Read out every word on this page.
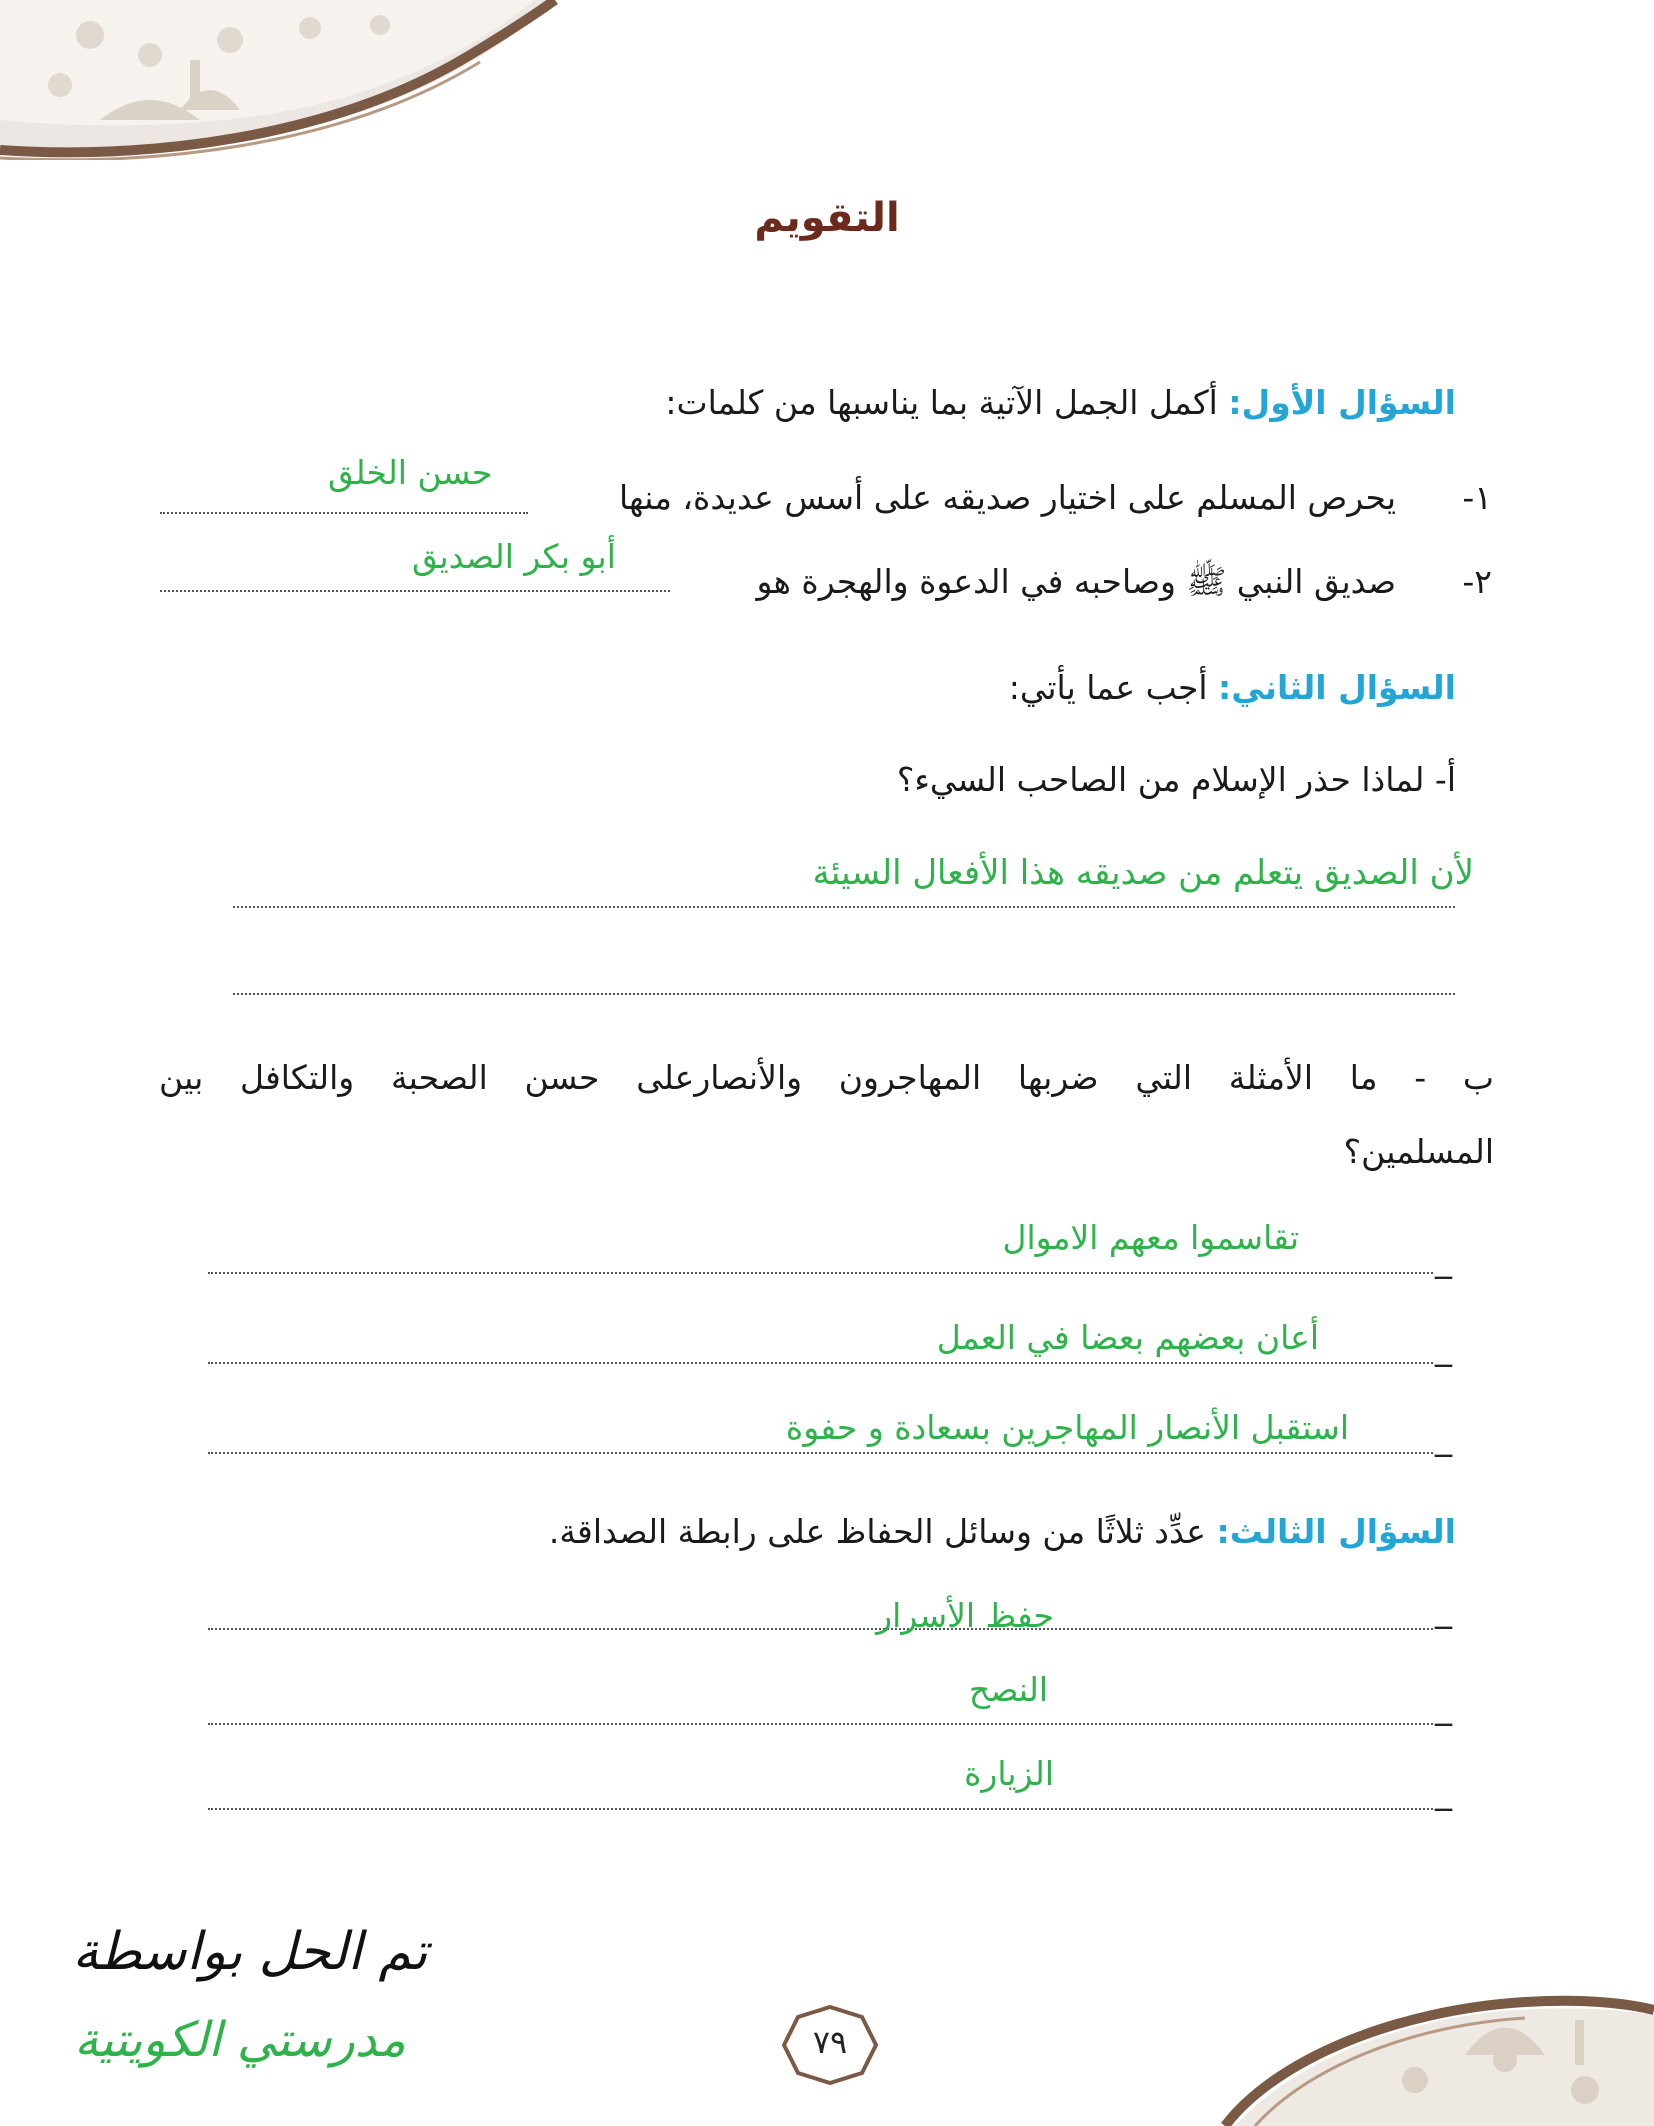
التقويم
السؤال الأول: أكمل الجمل الآتية بما يناسبها من كلمات:
١-
يحرص المسلم على اختيار صديقه على أسس عديدة، منها
حسن الخلق
٢-
صديق النبي ﷺ وصاحبه في الدعوة والهجرة هو
أبو بكر الصديق
السؤال الثاني: أجب عما يأتي:
أ- لماذا حذر الإسلام من الصاحب السيء؟
لأن الصديق يتعلم من صديقه هذا الأفعال السيئة
ب - ما الأمثلة التي ضربها المهاجرون والأنصارعلى حسن الصحبة والتكافل بين
المسلمين؟
_
تقاسموا معهم الاموال
_
أعان بعضهم بعضا في العمل
_
استقبل الأنصار المهاجرين بسعادة و حفوة
السؤال الثالث: عدِّد ثلاثًا من وسائل الحفاظ على رابطة الصداقة.
_
حفظ الأسرار
_
النصح
_
الزيارة
تم الحل بواسطة
مدرستي الكويتية	٧٩
